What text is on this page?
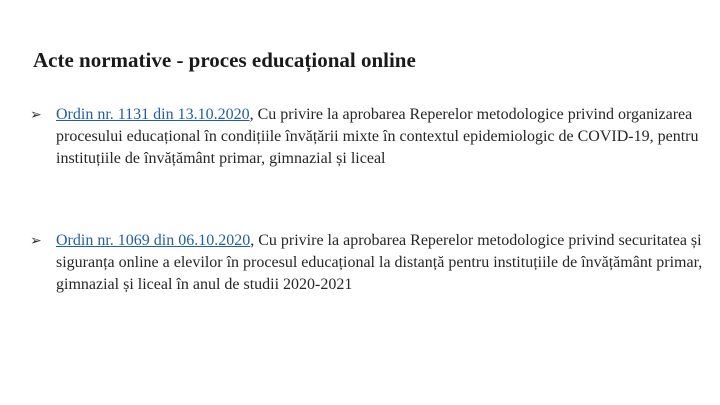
Acte normative - proces educațional online
➢ Ordin nr. 1131 din 13.10.2020, Cu privire la aprobarea Reperelor metodologice privind organizarea procesului educațional în condițiile învățării mixte în contextul epidemiologic de COVID-19, pentru instituțiile de învățământ primar, gimnazial și liceal
➢ Ordin nr. 1069 din 06.10.2020, Cu privire la aprobarea Reperelor metodologice privind securitatea și siguranța online a elevilor în procesul educațional la distanță pentru instituțiile de învățământ primar, gimnazial și liceal în anul de studii 2020-2021
